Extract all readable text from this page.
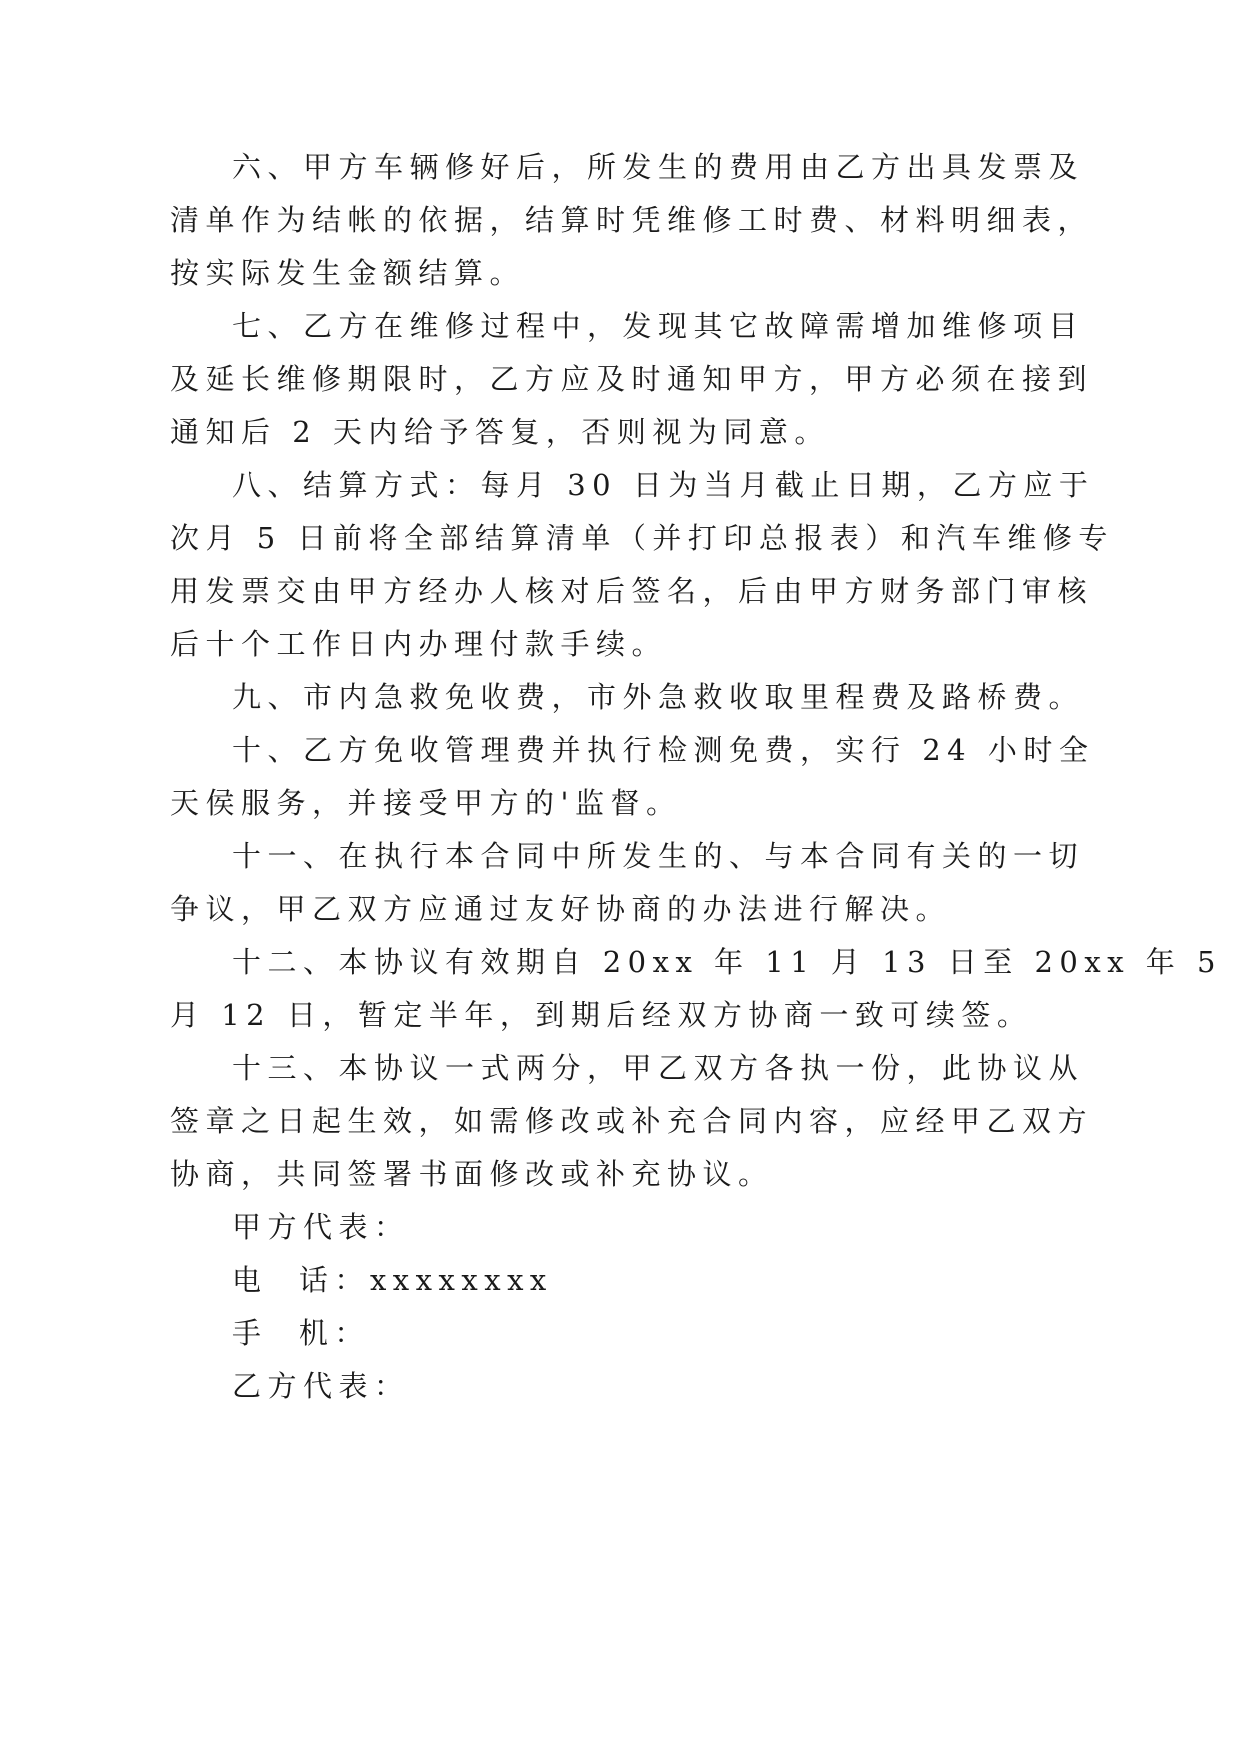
六、甲方车辆修好后，所发生的费用由乙方出具发票及
清单作为结帐的依据，结算时凭维修工时费、材料明细表，
按实际发生金额结算。
七、乙方在维修过程中，发现其它故障需增加维修项目
及延长维修期限时，乙方应及时通知甲方，甲方必须在接到
通知后 2 天内给予答复，否则视为同意。
八、结算方式：每月 30 日为当月截止日期，乙方应于
次月 5 日前将全部结算清单（并打印总报表）和汽车维修专
用发票交由甲方经办人核对后签名，后由甲方财务部门审核
后十个工作日内办理付款手续。
九、市内急救免收费，市外急救收取里程费及路桥费。
十、乙方免收管理费并执行检测免费，实行 24 小时全
天侯服务，并接受甲方的'监督。
十一、在执行本合同中所发生的、与本合同有关的一切
争议，甲乙双方应通过友好协商的办法进行解决。
十二、本协议有效期自 20xx 年 11 月 13 日至 20xx 年 5
月 12 日，暂定半年，到期后经双方协商一致可续签。
十三、本协议一式两分，甲乙双方各执一份，此协议从
签章之日起生效，如需修改或补充合同内容，应经甲乙双方
协商，共同签署书面修改或补充协议。
甲方代表：
电  话：xxxxxxxx
手  机：
乙方代表：
